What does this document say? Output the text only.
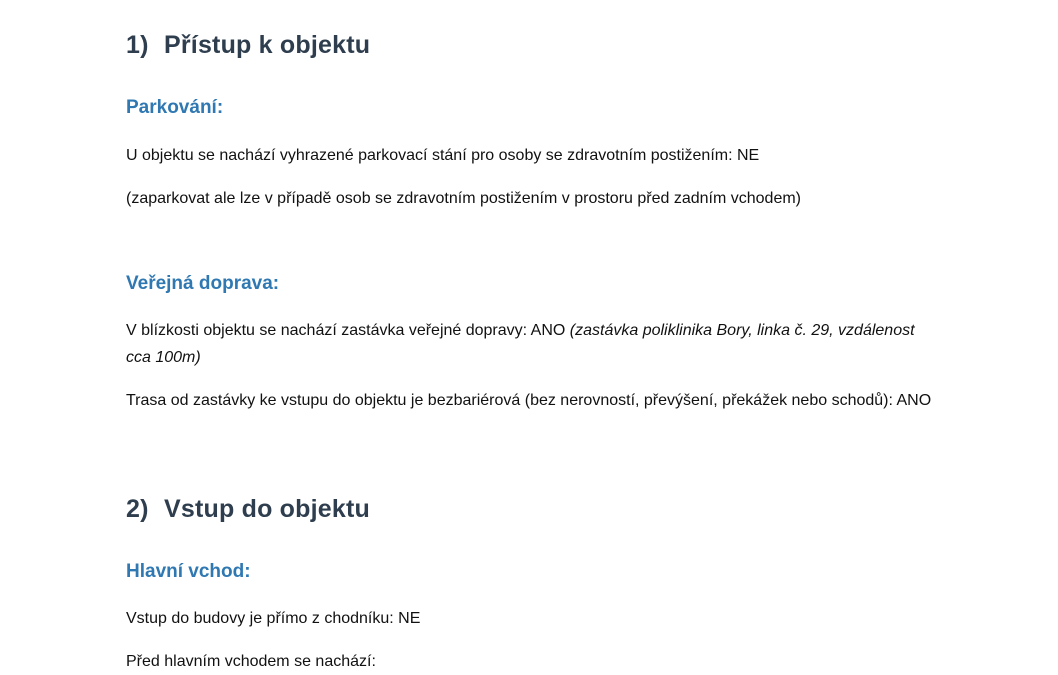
1) Přístup k objektu
Parkování:
U objektu se nachází vyhrazené parkovací stání pro osoby se zdravotním postižením: NE
(zaparkovat ale lze v případě osob se zdravotním postižením v prostoru před zadním vchodem)
Veřejná doprava:
V blízkosti objektu se nachází zastávka veřejné dopravy: ANO (zastávka poliklinika Bory, linka č. 29, vzdálenost cca 100m)
Trasa od zastávky ke vstupu do objektu je bezbariérová (bez nerovností, převýšení, překážek nebo schodů): ANO
2) Vstup do objektu
Hlavní vchod:
Vstup do budovy je přímo z chodníku: NE
Před hlavním vchodem se nachází:
